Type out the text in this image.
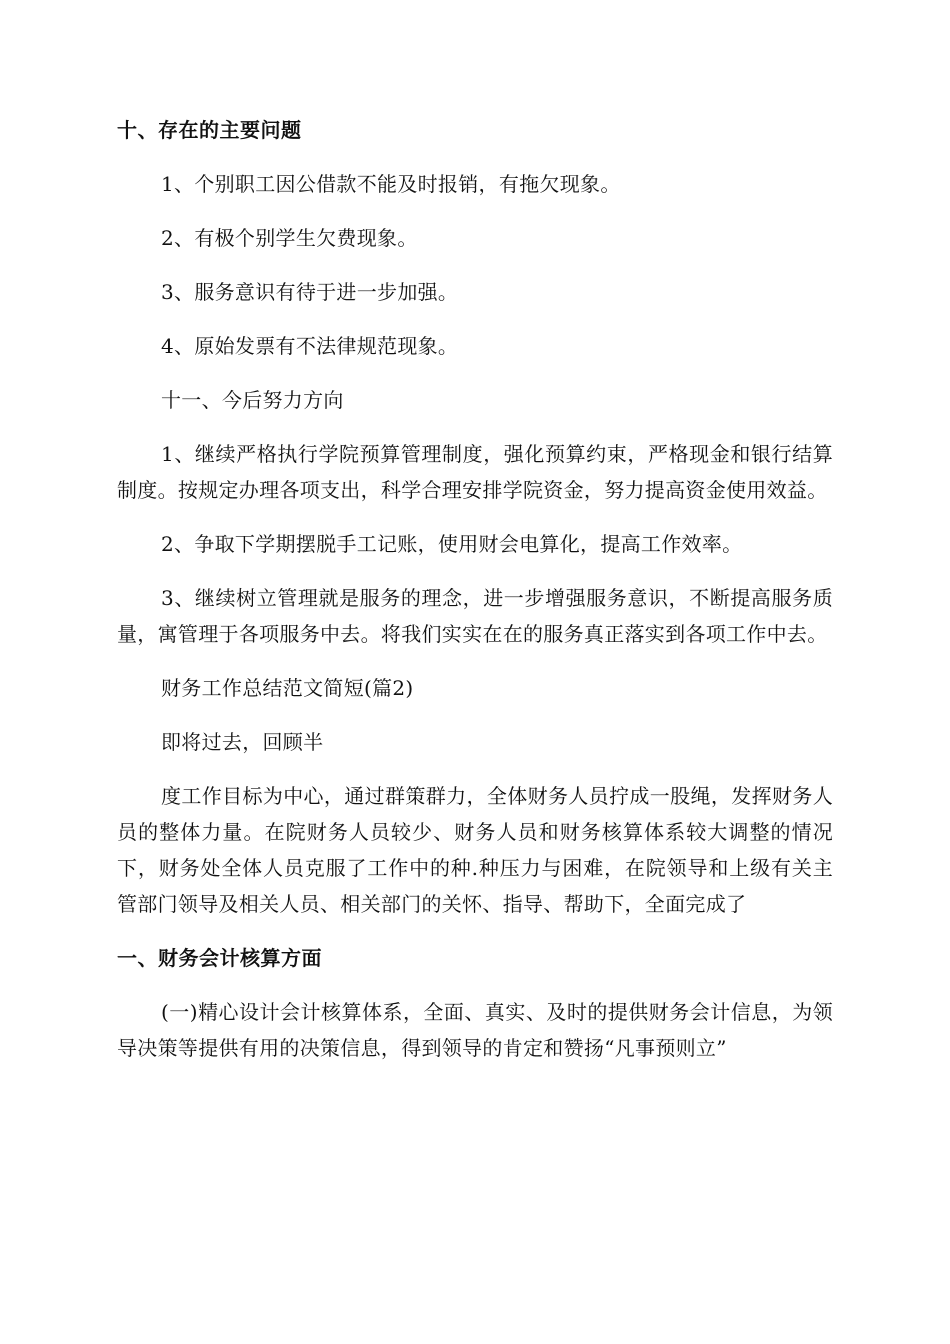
十、存在的主要问题

1、个别职工因公借款不能及时报销，有拖欠现象。

2、有极个别学生欠费现象。

3、服务意识有待于进一步加强。

4、原始发票有不法律规范现象。

十一、今后努力方向

1、继续严格执行学院预算管理制度，强化预算约束，严格现金和银行结算制度。按规定办理各项支出，科学合理安排学院资金，努力提高资金使用效益。

2、争取下学期摆脱手工记账，使用财会电算化，提高工作效率。

3、继续树立管理就是服务的理念，进一步增强服务意识，不断提高服务质量，寓管理于各项服务中去。将我们实实在在的服务真正落实到各项工作中去。

财务工作总结范文简短(篇2)

即将过去，回顾半

度工作目标为中心，通过群策群力，全体财务人员拧成一股绳，发挥财务人员的整体力量。在院财务人员较少、财务人员和财务核算体系较大调整的情况下，财务处全体人员克服了工作中的种.种压力与困难，在院领导和上级有关主管部门领导及相关人员、相关部门的关怀、指导、帮助下，全面完成了

一、财务会计核算方面

(一)精心设计会计核算体系，全面、真实、及时的提供财务会计信息，为领导决策等提供有用的决策信息，得到领导的肯定和赞扬“凡事预则立”
